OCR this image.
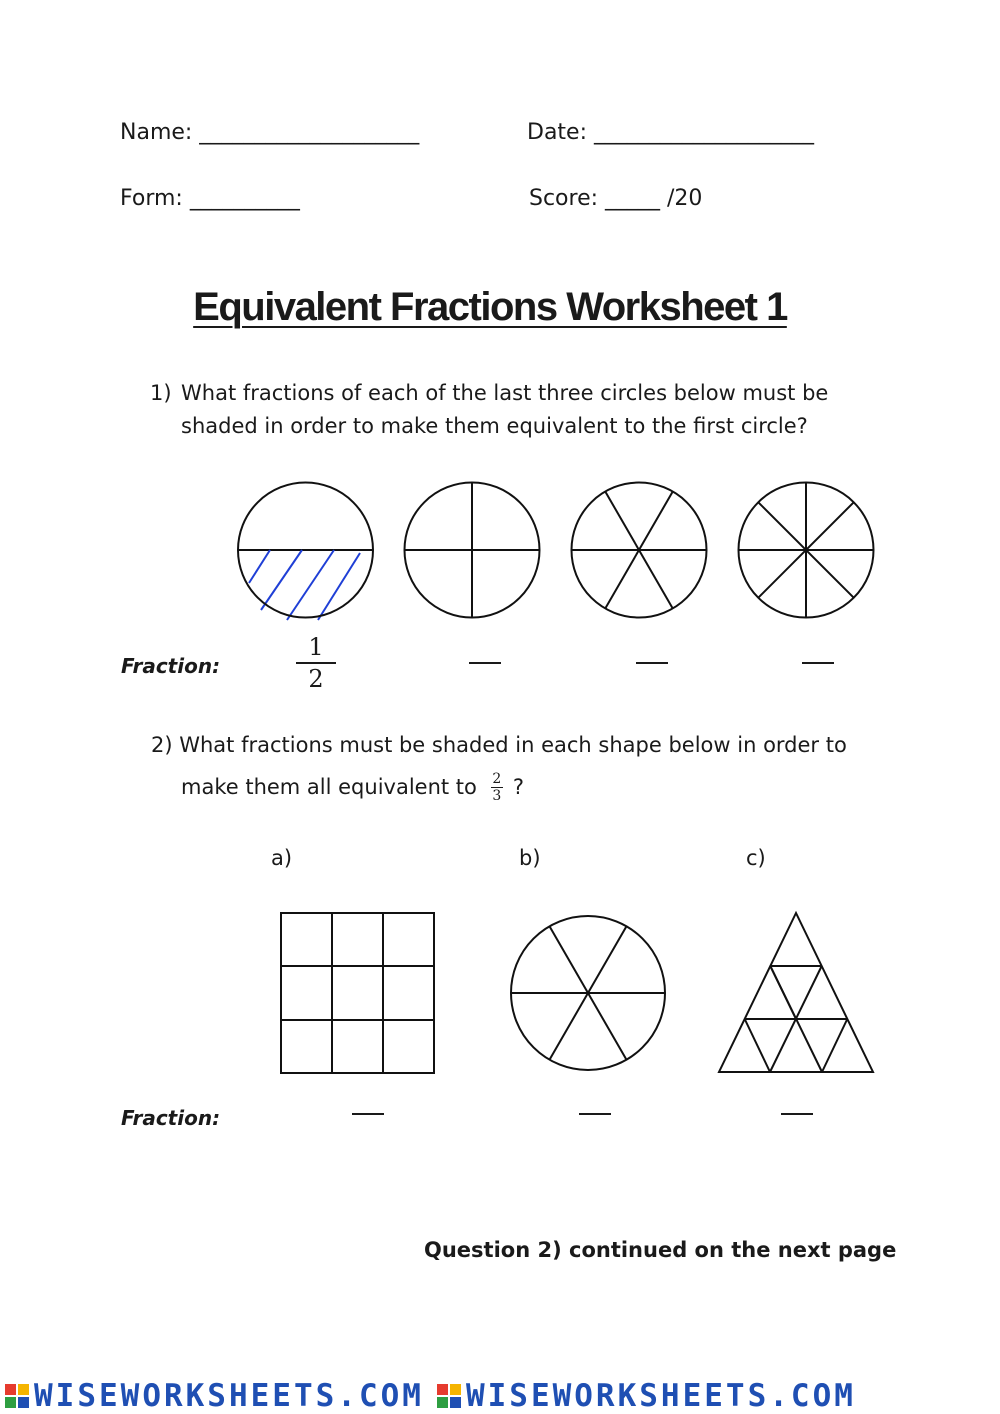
Name: ____________________	Date: ____________________
Form: __________	Score: _____ /20
Equivalent Fractions Worksheet 1
1) What fractions of each of the last three circles below must be
shaded in order to make them equivalent to the first circle?
Fraction:
1
2
2) What fractions must be shaded in each shape below in order to
make them all equivalent to 2
3 ?
a)	b)	c)
Fraction:
Question 2) continued on the next page
WISEWORKSHEETS.COM WISEWORKSHEETS.COM
